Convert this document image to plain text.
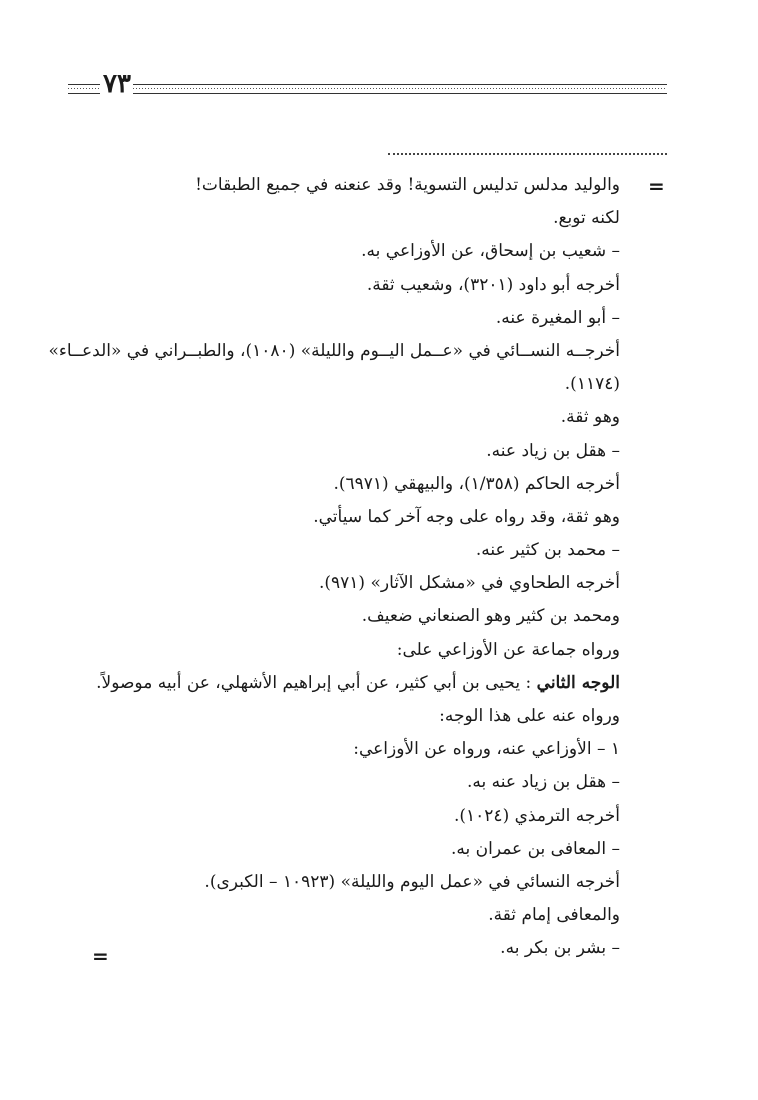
٧٣
=
والوليد مدلس تدليس التسوية! وقد عنعنه في جميع الطبقات!
لكنه توبع.
– شعيب بن إسحاق، عن الأوزاعي به.
أخرجه أبو داود (٣٢٠١)، وشعيب ثقة.
– أبو المغيرة عنه.
أخرجــه النســائي في «عــمل اليــوم والليلة» (١٠٨٠)، والطبــراني في «الدعــاء»
(١١٧٤).
وهو ثقة.
– هقل بن زياد عنه.
أخرجه الحاكم (١/٣٥٨)، والبيهقي (٦٩٧١).
وهو ثقة، وقد رواه على وجه آخر كما سيأتي.
– محمد بن كثير عنه.
أخرجه الطحاوي في «مشكل الآثار» (٩٧١).
ومحمد بن كثير وهو الصنعاني ضعيف.
ورواه جماعة عن الأوزاعي على:
الوجه الثاني : يحيى بن أبي كثير، عن أبي إبراهيم الأشهلي، عن أبيه موصولاً.
ورواه عنه على هذا الوجه:
١ – الأوزاعي عنه، ورواه عن الأوزاعي:
– هقل بن زياد عنه به.
أخرجه الترمذي (١٠٢٤).
– المعافى بن عمران به.
أخرجه النسائي في «عمل اليوم والليلة» (١٠٩٢٣ – الكبرى).
والمعافى إمام ثقة.
– بشر بن بكر به.
=
